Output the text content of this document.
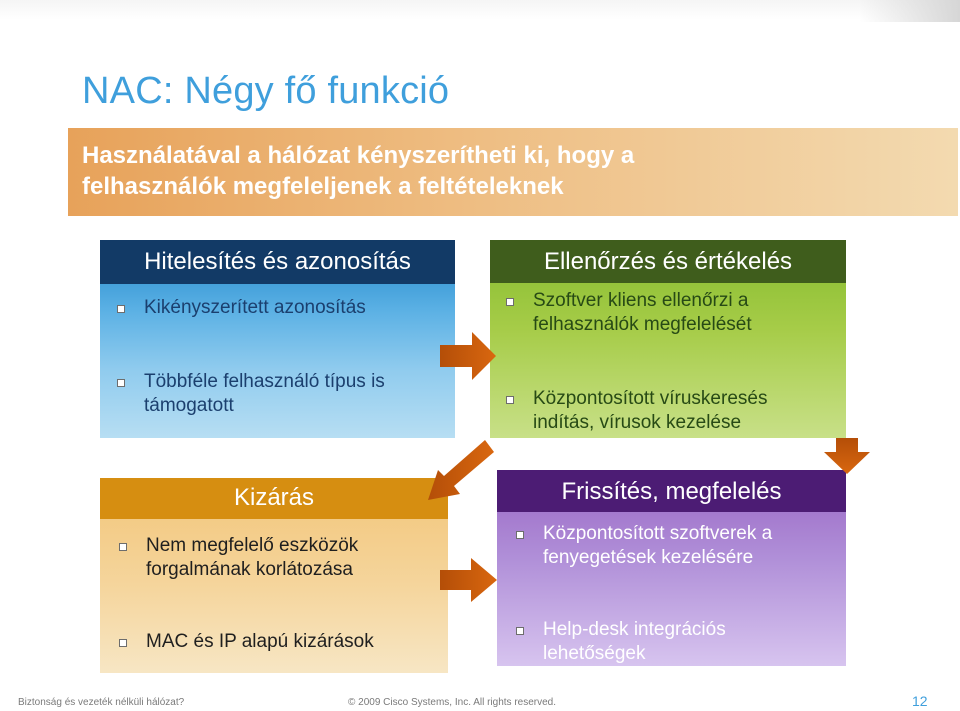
NAC: Négy fő funkció
Használatával a hálózat kényszerítheti ki, hogy a
felhasználók megfeleljenek a feltételeknek
Hitelesítés és azonosítás
Kikényszerített azonosítás
Többféle felhasználó típus is
támogatott
Ellenőrzés és értékelés
Szoftver kliens ellenőrzi a
felhasználók megfelelését
Központosított víruskeresés
indítás, vírusok kezelése
Kizárás
Nem megfelelő eszközök
forgalmának korlátozása
MAC és IP alapú kizárások
Frissítés, megfelelés
Központosított szoftverek a
fenyegetések kezelésére
Help-desk integrációs
lehetőségek
Biztonság és vezeték nélküli hálózat?	© 2009 Cisco Systems, Inc. All rights reserved.	12
